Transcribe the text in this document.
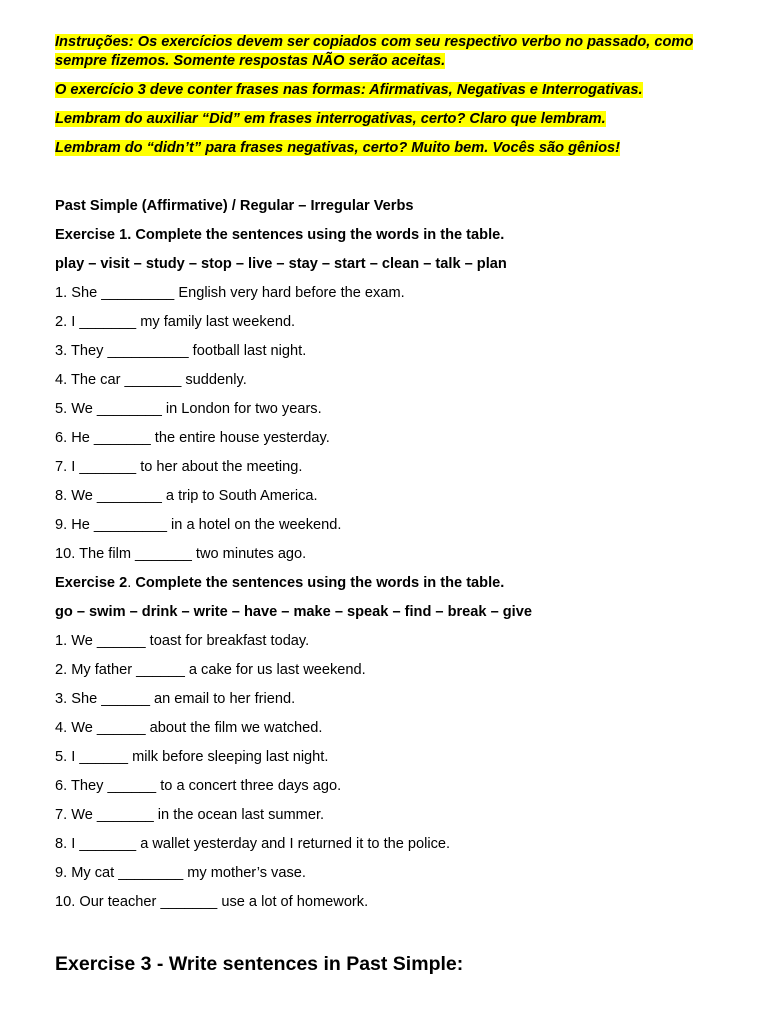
Instruções: Os exercícios devem ser copiados com seu respectivo verbo no passado, como sempre fizemos. Somente respostas NÃO serão aceitas.

O exercício 3 deve conter frases nas formas: Afirmativas, Negativas e Interrogativas.

Lembram do auxiliar “Did” em frases interrogativas, certo? Claro que lembram.

Lembram do “didn’t” para frases negativas, certo? Muito bem. Vocês são gênios!

Past Simple (Affirmative) / Regular – Irregular Verbs

Exercise 1. Complete the sentences using the words in the table.

play – visit – study – stop – live – stay – start – clean – talk – plan

1. She _________ English very hard before the exam.

2. I _______ my family last weekend.

3. They __________ football last night.

4. The car _______ suddenly.

5. We ________ in London for two years.

6. He _______ the entire house yesterday.

7. I _______ to her about the meeting.

8. We ________ a trip to South America.

9. He _________ in a hotel on the weekend.

10. The film _______ two minutes ago.

Exercise 2. Complete the sentences using the words in the table.

go – swim – drink – write – have – make – speak – find – break – give

1. We ______ toast for breakfast today.

2. My father ______ a cake for us last weekend.

3. She ______ an email to her friend.

4. We ______ about the film we watched.

5. I ______ milk before sleeping last night.

6. They ______ to a concert three days ago.

7. We _______ in the ocean last summer.

8. I _______ a wallet yesterday and I returned it to the police.

9. My cat ________ my mother’s vase.

10. Our teacher _______ use a lot of homework.

Exercise 3 - Write sentences in Past Simple:
